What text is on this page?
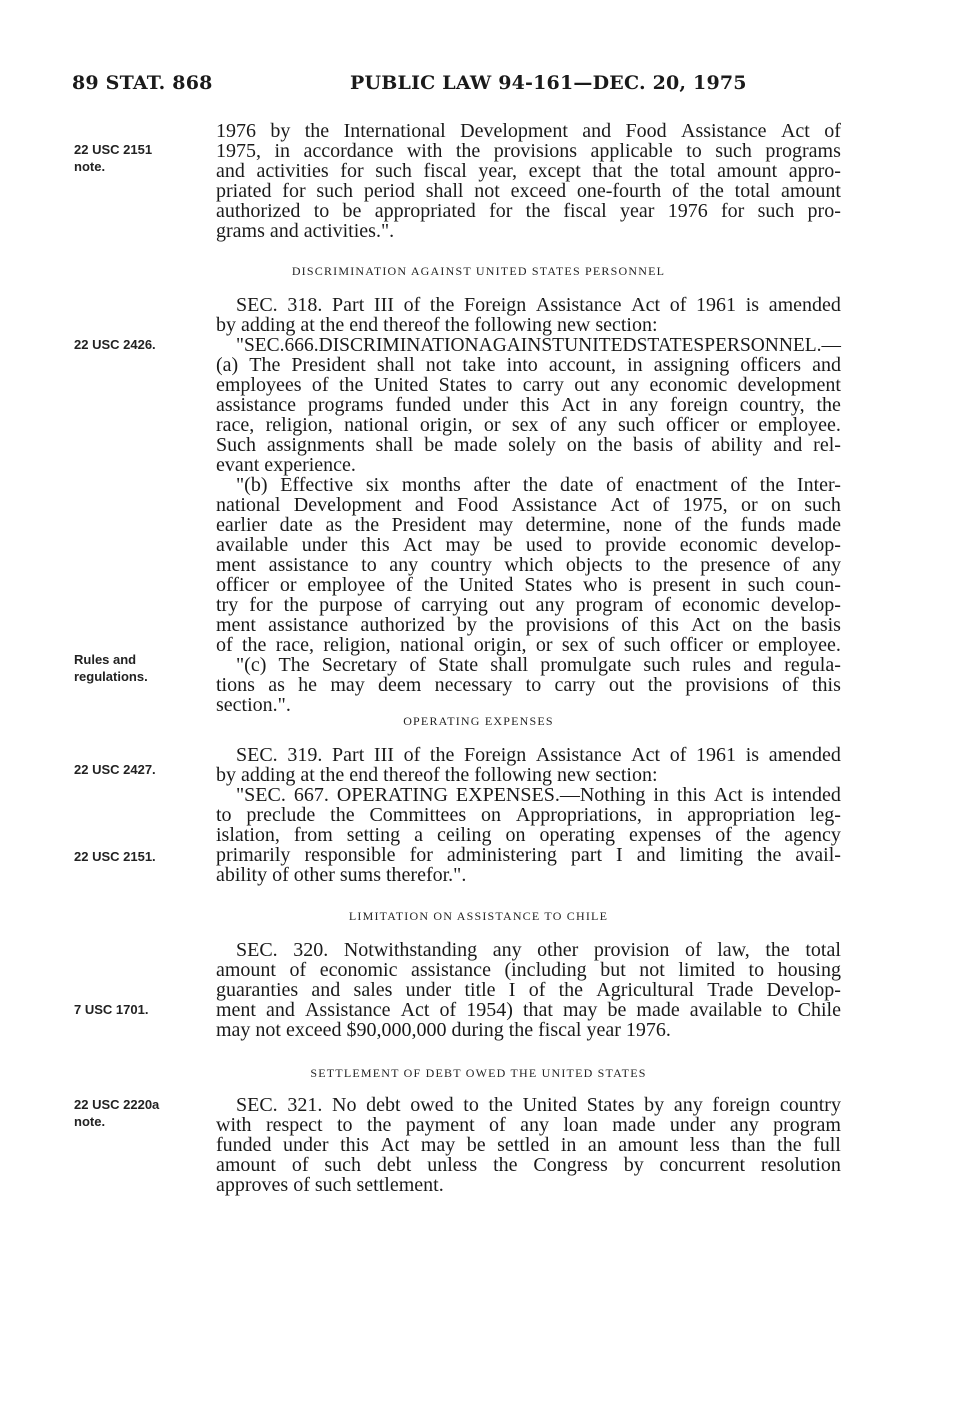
89 STAT. 868	PUBLIC LAW 94-161—DEC. 20, 1975
22 USC 2151
note.
22 USC 2426.
Rules and
regulations.
22 USC 2427.
22 USC 2151.
7 USC 1701.
22 USC 2220a
note.
DISCRIMINATION AGAINST UNITED STATES PERSONNEL
OPERATING EXPENSES
LIMITATION ON ASSISTANCE TO CHILE
SETTLEMENT OF DEBT OWED THE UNITED STATES
1976 by the International Development and Food Assistance Act of
1975, in accordance with the provisions applicable to such programs
and activities for such fiscal year, except that the total amount appro-
priated for such period shall not exceed one-fourth of the total amount
authorized to be appropriated for the fiscal year 1976 for such pro-
grams and activities.".
SEC. 318. Part III of the Foreign Assistance Act of 1961 is amended
by adding at the end thereof the following new section:
"SEC. 666. DISCRIMINATION AGAINST UNITED STATES PERSONNEL.—
(a) The President shall not take into account, in assigning officers and
employees of the United States to carry out any economic development
assistance programs funded under this Act in any foreign country, the
race, religion, national origin, or sex of any such officer or employee.
Such assignments shall be made solely on the basis of ability and rel-
evant experience.
"(b) Effective six months after the date of enactment of the Inter-
national Development and Food Assistance Act of 1975, or on such
earlier date as the President may determine, none of the funds made
available under this Act may be used to provide economic develop-
ment assistance to any country which objects to the presence of any
officer or employee of the United States who is present in such coun-
try for the purpose of carrying out any program of economic develop-
ment assistance authorized by the provisions of this Act on the basis
of the race, religion, national origin, or sex of such officer or employee.
"(c) The Secretary of State shall promulgate such rules and regula-
tions as he may deem necessary to carry out the provisions of this
section.".
SEC. 319. Part III of the Foreign Assistance Act of 1961 is amended
by adding at the end thereof the following new section:
"SEC. 667. OPERATING EXPENSES.—Nothing in this Act is intended
to preclude the Committees on Appropriations, in appropriation leg-
islation, from setting a ceiling on operating expenses of the agency
primarily responsible for administering part I and limiting the avail-
ability of other sums therefor.".
SEC. 320. Notwithstanding any other provision of law, the total
amount of economic assistance (including but not limited to housing
guaranties and sales under title I of the Agricultural Trade Develop-
ment and Assistance Act of 1954) that may be made available to Chile
may not exceed $90,000,000 during the fiscal year 1976.
SEC. 321. No debt owed to the United States by any foreign country
with respect to the payment of any loan made under any program
funded under this Act may be settled in an amount less than the full
amount of such debt unless the Congress by concurrent resolution
approves of such settlement.
